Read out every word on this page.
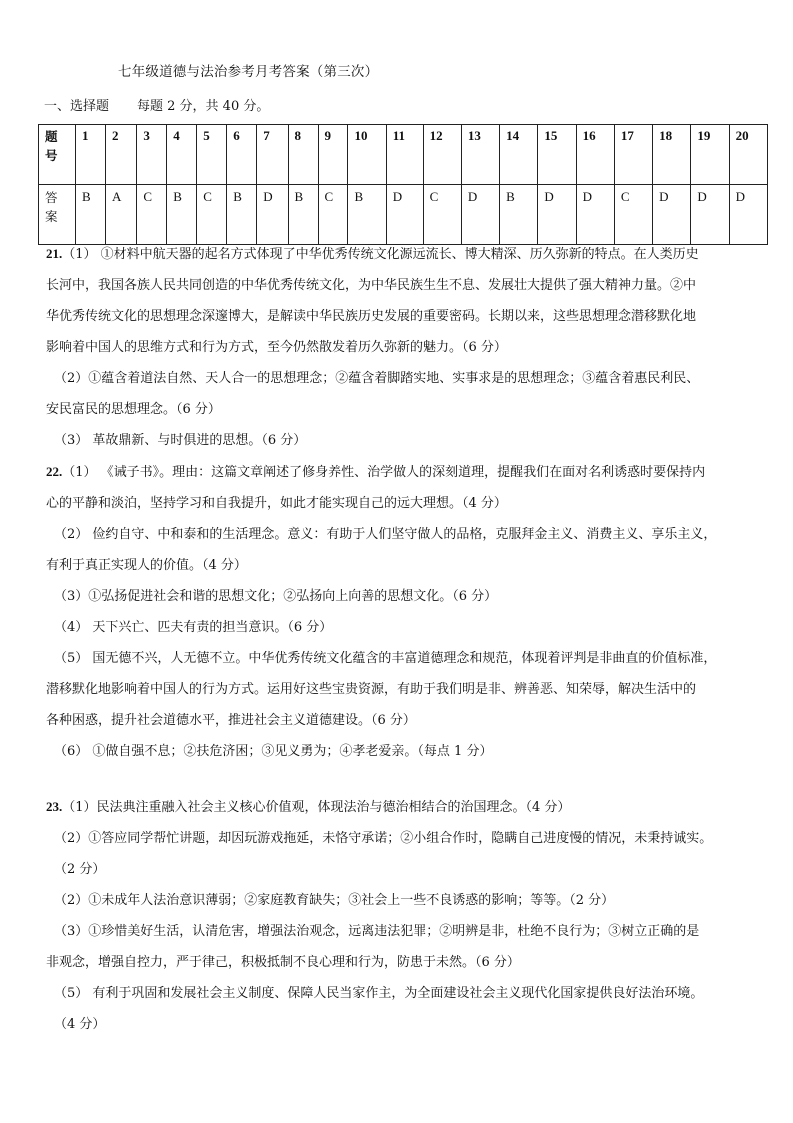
七年级道德与法治参考月考答案（第三次）
一、选择题 每题 2 分，共 40 分。
题
号	1	2	3	4	5	6	7	8	9	10	11	12	13	14	15	16	17	18	19	20

答
案	B	A	C	B	C	B	D	B	C	B	D	C	D	B	D	D	C	D	D	D

21.（1） ①材料中航天器的起名方式体现了中华优秀传统文化源远流长、博大精深、历久弥新的特点。在人类历史

长河中，我国各族人民共同创造的中华优秀传统文化，为中华民族生生不息、发展壮大提供了强大精神力量。②中

华优秀传统文化的思想理念深邃博大，是解读中华民族历史发展的重要密码。长期以来，这些思想理念潜移默化地

影响着中国人的思维方式和行为方式，至今仍然散发着历久弥新的魅力。（6 分）

（2）①蕴含着道法自然、天人合一的思想理念；②蕴含着脚踏实地、实事求是的思想理念；③蕴含着惠民利民、

安民富民的思想理念。（6 分）

（3） 革故鼎新、与时俱进的思想。（6 分）

22.（1） 《诫子书》。理由：这篇文章阐述了修身养性、治学做人的深刻道理，提醒我们在面对名利诱惑时要保持内

心的平静和淡泊，坚持学习和自我提升，如此才能实现自己的远大理想。（4 分）

（2） 俭约自守、中和泰和的生活理念。意义：有助于人们坚守做人的品格，克服拜金主义、消费主义、享乐主义，

有利于真正实现人的价值。（4 分）

（3）①弘扬促进社会和谐的思想文化；②弘扬向上向善的思想文化。（6 分）

（4） 天下兴亡、匹夫有责的担当意识。（6 分）

（5） 国无德不兴，人无德不立。中华优秀传统文化蕴含的丰富道德理念和规范，体现着评判是非曲直的价值标准，

潜移默化地影响着中国人的行为方式。运用好这些宝贵资源，有助于我们明是非、辨善恶、知荣辱，解决生活中的

各种困惑，提升社会道德水平，推进社会主义道德建设。（6 分）

（6） ①做自强不息；②扶危济困；③见义勇为；④孝老爱亲。（每点 1 分）

23.（1）民法典注重融入社会主义核心价值观，体现法治与德治相结合的治国理念。（4 分）

（2）①答应同学帮忙讲题，却因玩游戏拖延，未恪守承诺；②小组合作时，隐瞒自己进度慢的情况，未秉持诚实。

（2 分）

（2）①未成年人法治意识薄弱；②家庭教育缺失；③社会上一些不良诱惑的影响；等等。（2 分）

（3）①珍惜美好生活，认清危害，增强法治观念，远离违法犯罪；②明辨是非，杜绝不良行为；③树立正确的是

非观念，增强自控力，严于律己，积极抵制不良心理和行为，防患于未然。（6 分）

（5） 有利于巩固和发展社会主义制度、保障人民当家作主，为全面建设社会主义现代化国家提供良好法治环境。

（4 分）
